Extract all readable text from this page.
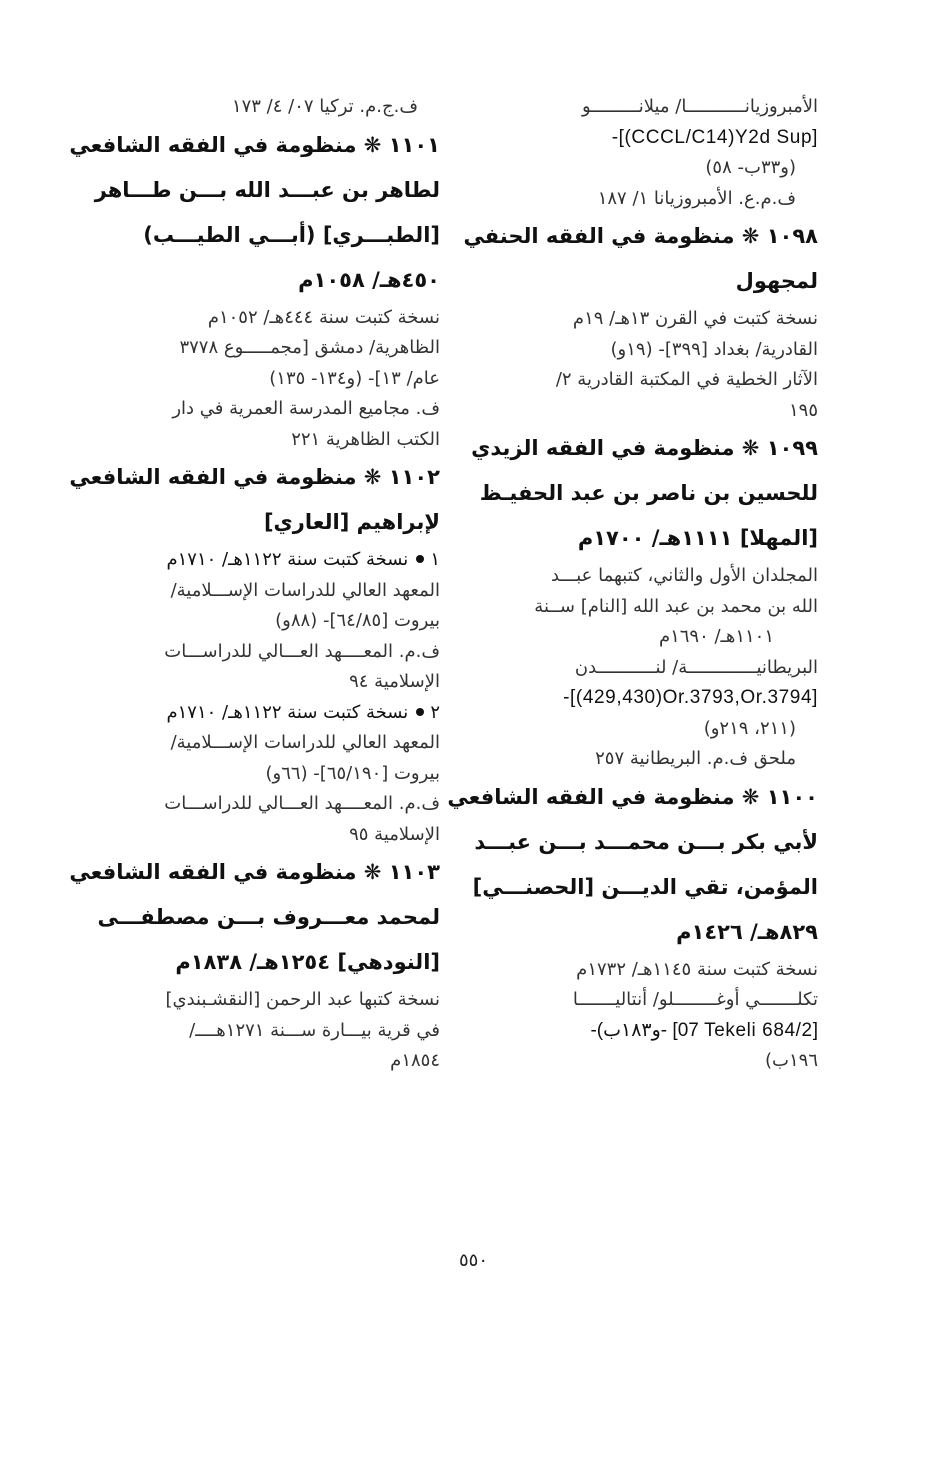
الأمبروزيانـــــــــــا/ ميلانـــــــــو
-[(CCCL/C14)Y2d Sup]
(و٣٣ب- ٥٨)
ف.م.ع. الأمبروزيانا ١/ ١٨٧
١٠٩٨ ❋ منظومة في الفقه الحنفي
لمجهول
نسخة كتبت في القرن ١٣هـ/ ١٩م
القادرية/ بغداد [٣٩٩]- (١٩و)
الآثار الخطية في المكتبة القادرية ٢/
١٩٥
١٠٩٩ ❋ منظومة في الفقه الزيدي
للحسين بن ناصر بن عبد الحفيـظ
[المهلا] ١١١١هـ/ ١٧٠٠م
المجلدان الأول والثاني، كتبهما عبـــد
الله بن محمد بن عبد الله [النام] ســنة
١١٠١هـ/ ١٦٩٠م
البريطانيـــــــــــــة/ لنـــــــــــدن
-[(429,430)Or.3793,Or.3794]
(٢١١، ٢١٩و)
ملحق ف.م. البريطانية ٢٥٧
١١٠٠ ❋ منظومة في الفقه الشافعي
لأبي بكر بـــن محمـــد بـــن عبـــد
المؤمن، تقي الديـــن [الحصنـــي]
٨٢٩هـ/ ١٤٢٦م
نسخة كتبت سنة ١١٤٥هـ/ ١٧٣٢م
تكلـــــــي أوغــــــــلو/ أنتاليـــــــا
-(و١٨٣ب- [07 Tekeli 684/2]
١٩٦ب)
ف.ج.م. تركيا ٠٧/ ٤/ ١٧٣
١١٠١ ❋ منظومة في الفقه الشافعي
لطاهر بن عبـــد الله بـــن طـــاهر
[الطبـــري] (أبـــي الطيـــب)
٤٥٠هـ/ ١٠٥٨م
نسخة كتبت سنة ٤٤٤هـ/ ١٠٥٢م
الظاهرية/ دمشق [مجمـــــوع ٣٧٧٨
عام/ ١٣]- (و١٣٤- ١٣٥)
ف. مجاميع المدرسة العمرية في دار
الكتب الظاهرية ٢٢١
١١٠٢ ❋ منظومة في الفقه الشافعي
لإبراهيم [العاري]
١نسخة كتبت سنة ١١٢٢هـ/ ١٧١٠م
المعهد العالي للدراسات الإســـلامية/
بيروت [٦٤/٨٥]- (٨٨و)
ف.م. المعــــهد العـــالي للدراســـات
الإسلامية ٩٤
٢نسخة كتبت سنة ١١٢٢هـ/ ١٧١٠م
المعهد العالي للدراسات الإســـلامية/
بيروت [٦٥/١٩٠]- (٦٦و)
ف.م. المعــــهد العـــالي للدراســـات
الإسلامية ٩٥
١١٠٣ ❋ منظومة في الفقه الشافعي
لمحمد معـــروف بـــن مصطفـــى
[النودهي] ١٢٥٤هـ/ ١٨٣٨م
نسخة كتبها عبد الرحمن [النقشـبندي]
في قرية بيـــارة ســـنة ١٢٧١هــــ/
١٨٥٤م
٥٥٠
